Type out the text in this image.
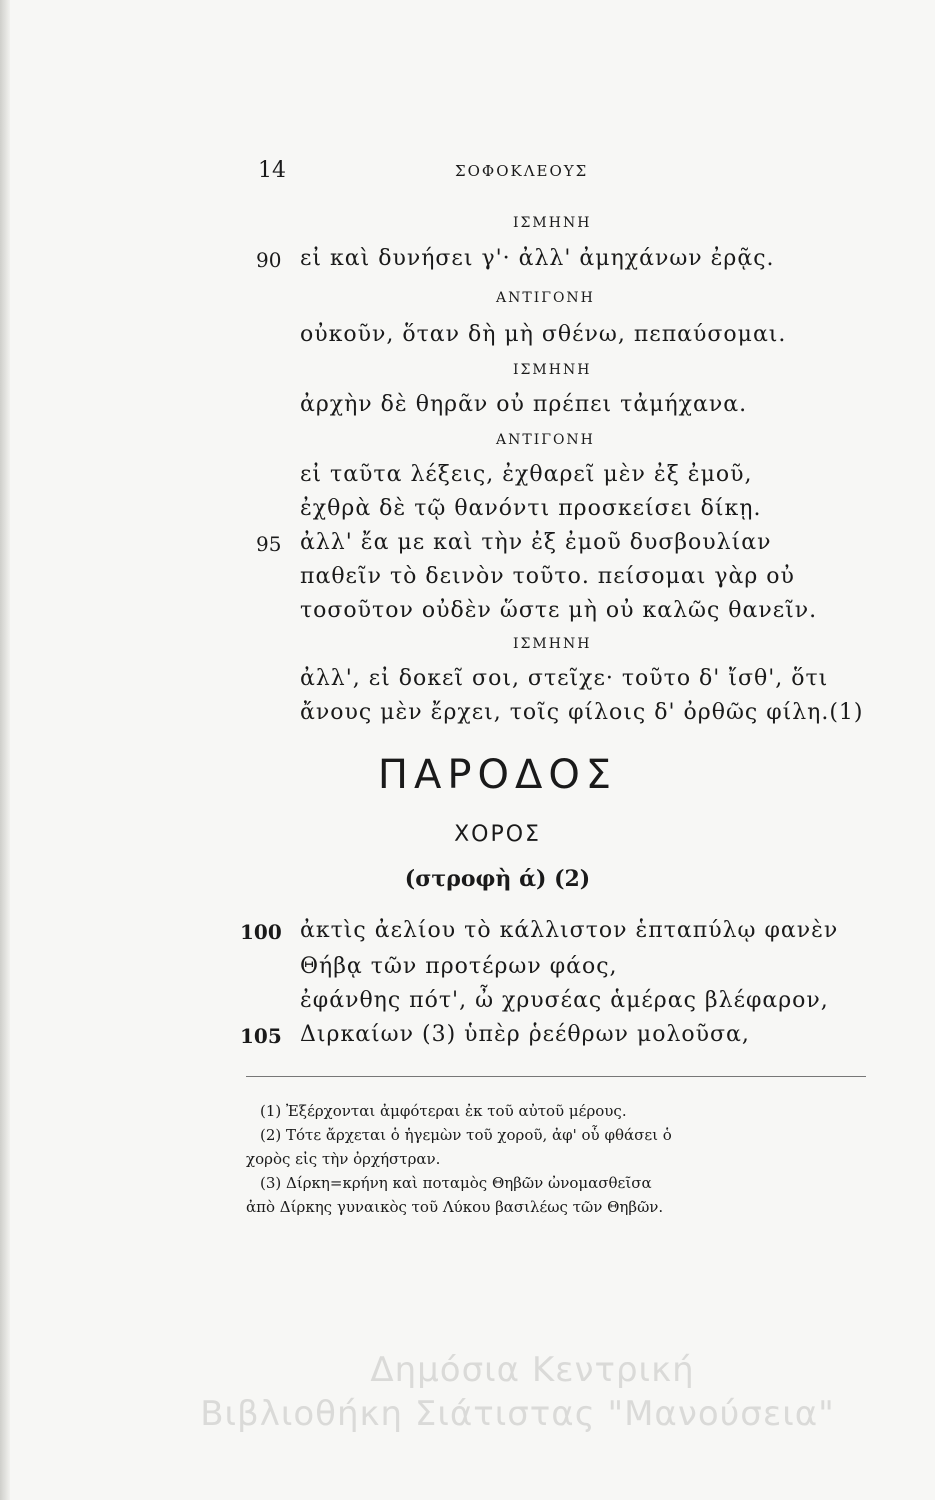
14	ΣΟΦΟΚΛΕΟΥΣ
ΙΣΜΗΝΗ
90 εἰ καὶ δυνήσει γ'· ἀλλ' ἀμηχάνων ἐρᾷς.
ΑΝΤΙΓΟΝΗ
οὐκοῦν, ὅταν δὴ μὴ σθένω, πεπαύσομαι.
ΙΣΜΗΝΗ
ἀρχὴν δὲ θηρᾶν οὐ πρέπει τἀμήχανα.
ΑΝΤΙΓΟΝΗ
εἰ ταῦτα λέξεις, ἐχθαρεῖ μὲν ἐξ ἐμοῦ,
ἐχθρὰ δὲ τῷ θανόντι προσκείσει δίκῃ.
95 ἀλλ' ἔα με καὶ τὴν ἐξ ἐμοῦ δυσβουλίαν
παθεῖν τὸ δεινὸν τοῦτο. πείσομαι γὰρ οὐ
τοσοῦτον οὐδὲν ὥστε μὴ οὐ καλῶς θανεῖν.
ΙΣΜΗΝΗ
ἀλλ', εἰ δοκεῖ σοι, στεῖχε· τοῦτο δ' ἴσθ', ὅτι
ἄνους μὲν ἔρχει, τοῖς φίλοις δ' ὀρθῶς φίλη.(1)
ΠΑΡΟΔΟΣ
ΧΟΡΟΣ
(στροφὴ ά) (2)
100 ἀκτὶς ἀελίου τὸ κάλλιστον ἑπταπύλῳ φανὲν
Θήβᾳ τῶν προτέρων φάος,
ἐφάνθης πότ', ὦ χρυσέας ἁμέρας βλέφαρον,
105 Διρκαίων (3) ὑπὲρ ῥεέθρων μολοῦσα,
(1) Ἐξέρχονται ἀμφότεραι ἐκ τοῦ αὐτοῦ μέρους.
(2) Τότε ἄρχεται ὁ ἡγεμὼν τοῦ χοροῦ, ἀφ' οὗ φθάσει ὁ
χορὸς εἰς τὴν ὀρχήστραν.
(3) Δίρκη=κρήνη καὶ ποταμὸς Θηβῶν ὠνομασθεῖσα
ἀπὸ Δίρκης γυναικὸς τοῦ Λύκου βασιλέως τῶν Θηβῶν.
Δημόσια Κεντρική
Βιβλιοθήκη Σιάτιστας "Μανούσεια"
